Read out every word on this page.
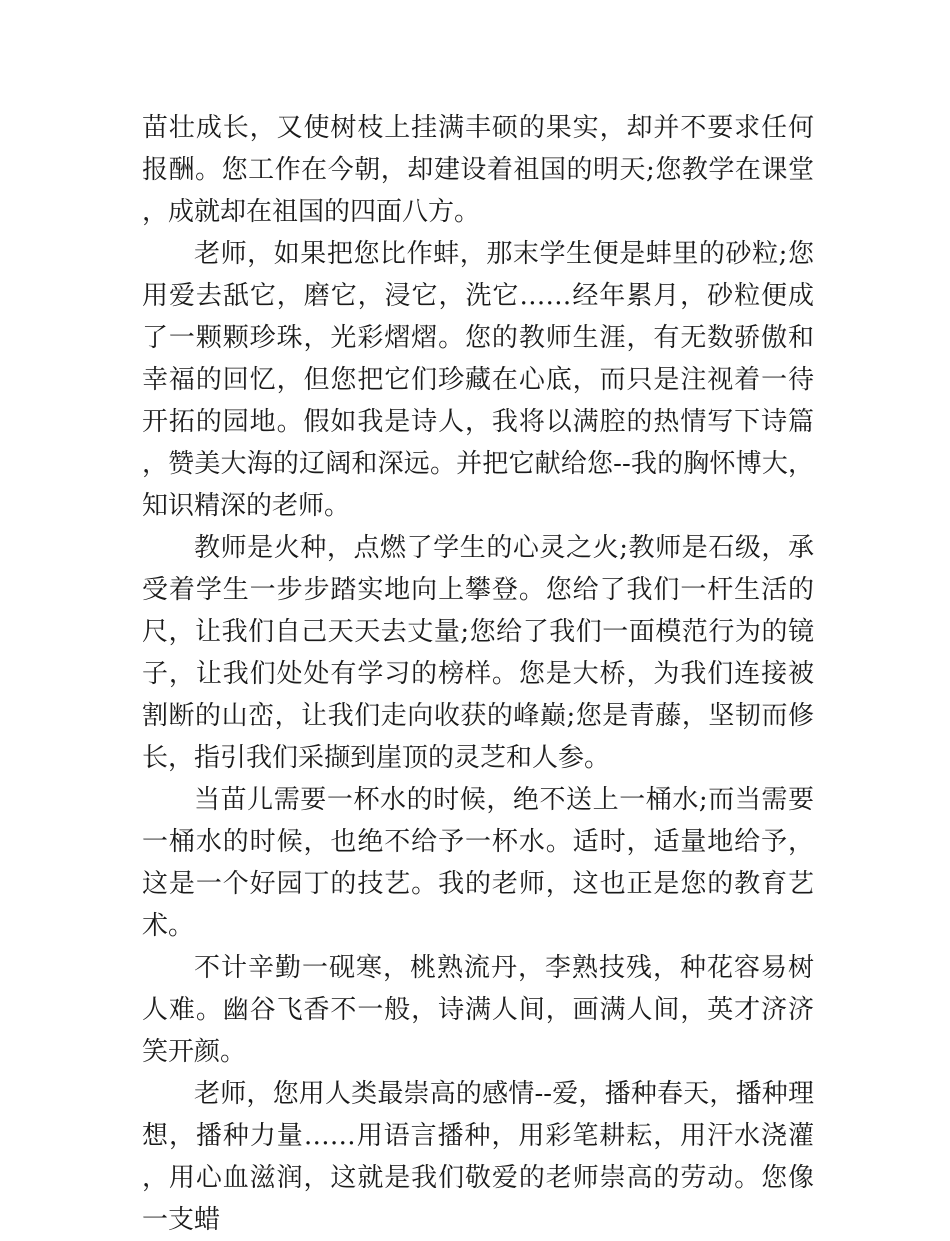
苗壮成长，又使树枝上挂满丰硕的果实，却并不要求任何报酬。您工作在今朝，却建设着祖国的明天;您教学在课堂，成就却在祖国的四面八方。

老师，如果把您比作蚌，那末学生便是蚌里的砂粒;您用爱去舐它，磨它，浸它，洗它……经年累月，砂粒便成了一颗颗珍珠，光彩熠熠。您的教师生涯，有无数骄傲和幸福的回忆，但您把它们珍藏在心底，而只是注视着一待开拓的园地。假如我是诗人，我将以满腔的热情写下诗篇，赞美大海的辽阔和深远。并把它献给您--我的胸怀博大，知识精深的老师。

教师是火种，点燃了学生的心灵之火;教师是石级，承受着学生一步步踏实地向上攀登。您给了我们一杆生活的尺，让我们自己天天去丈量;您给了我们一面模范行为的镜子，让我们处处有学习的榜样。您是大桥，为我们连接被割断的山峦，让我们走向收获的峰巅;您是青藤，坚韧而修长，指引我们采撷到崖顶的灵芝和人参。

当苗儿需要一杯水的时候，绝不送上一桶水;而当需要一桶水的时候，也绝不给予一杯水。适时，适量地给予，这是一个好园丁的技艺。我的老师，这也正是您的教育艺术。

不计辛勤一砚寒，桃熟流丹，李熟技残，种花容易树人难。幽谷飞香不一般，诗满人间，画满人间，英才济济笑开颜。

老师，您用人类最崇高的感情--爱，播种春天，播种理想，播种力量……用语言播种，用彩笔耕耘，用汗水浇灌，用心血滋润，这就是我们敬爱的老师崇高的劳动。您像一支蜡
